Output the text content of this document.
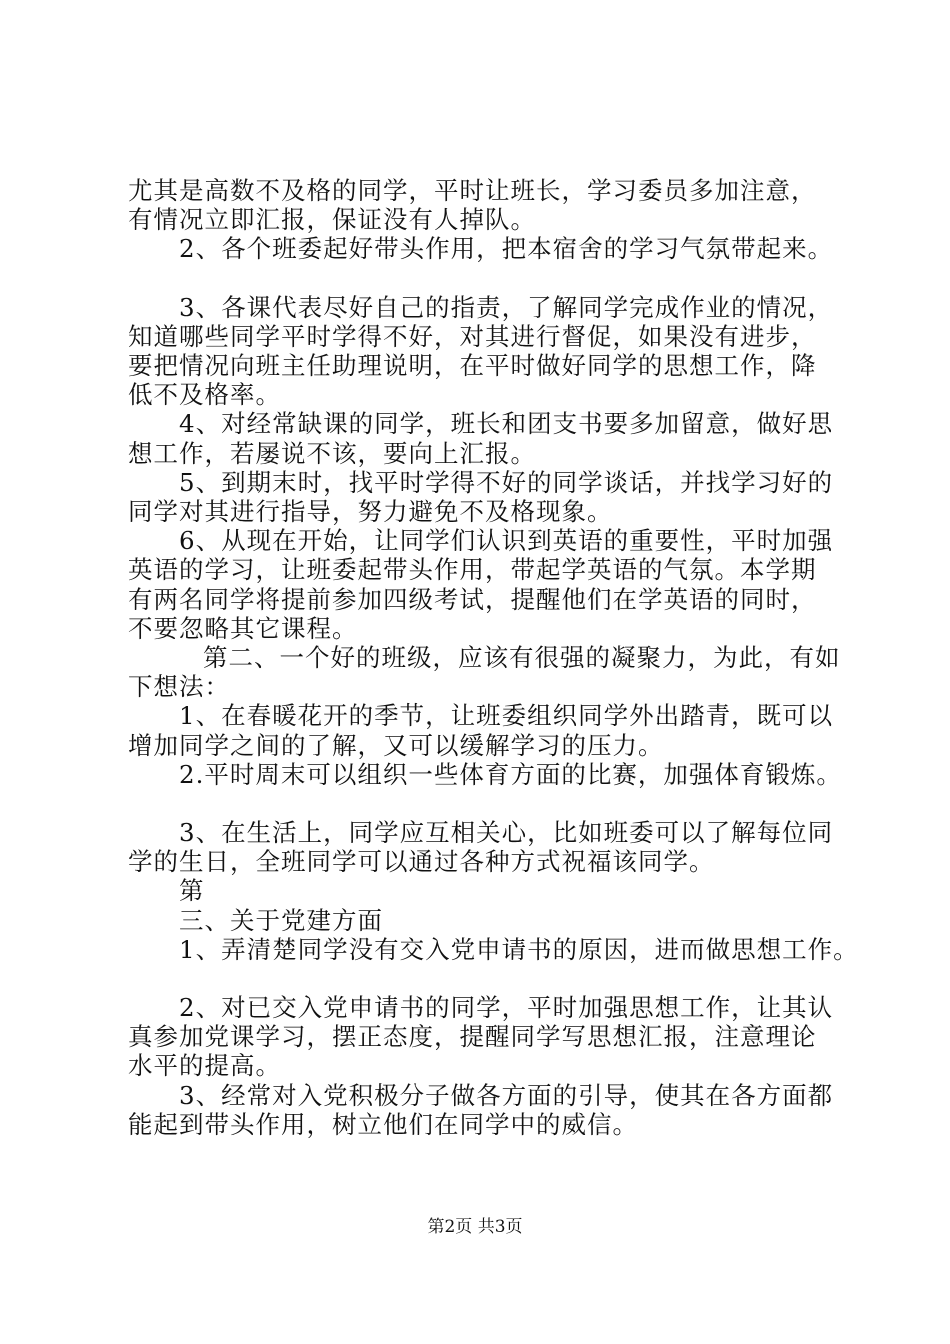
尤其是高数不及格的同学，平时让班长，学习委员多加注意，

有情况立即汇报，保证没有人掉队。

2、各个班委起好带头作用，把本宿舍的学习气氛带起来。

3、各课代表尽好自己的指责，了解同学完成作业的情况，

知道哪些同学平时学得不好，对其进行督促，如果没有进步，

要把情况向班主任助理说明，在平时做好同学的思想工作，降

低不及格率。

4、对经常缺课的同学，班长和团支书要多加留意，做好思

想工作，若屡说不该，要向上汇报。

5、到期末时，找平时学得不好的同学谈话，并找学习好的

同学对其进行指导，努力避免不及格现象。

6、从现在开始，让同学们认识到英语的重要性，平时加强

英语的学习，让班委起带头作用，带起学英语的气氛。本学期

有两名同学将提前参加四级考试，提醒他们在学英语的同时，

不要忽略其它课程。

第二、一个好的班级，应该有很强的凝聚力，为此，有如

下想法：

1、在春暖花开的季节，让班委组织同学外出踏青，既可以

增加同学之间的了解，又可以缓解学习的压力。

2.平时周末可以组织一些体育方面的比赛，加强体育锻炼。

3、在生活上，同学应互相关心，比如班委可以了解每位同

学的生日，全班同学可以通过各种方式祝福该同学。

第

三、关于党建方面

1、弄清楚同学没有交入党申请书的原因，进而做思想工作。

2、对已交入党申请书的同学，平时加强思想工作，让其认

真参加党课学习，摆正态度，提醒同学写思想汇报，注意理论

水平的提高。

3、经常对入党积极分子做各方面的引导，使其在各方面都

能起到带头作用，树立他们在同学中的威信。

第2页 共3页
